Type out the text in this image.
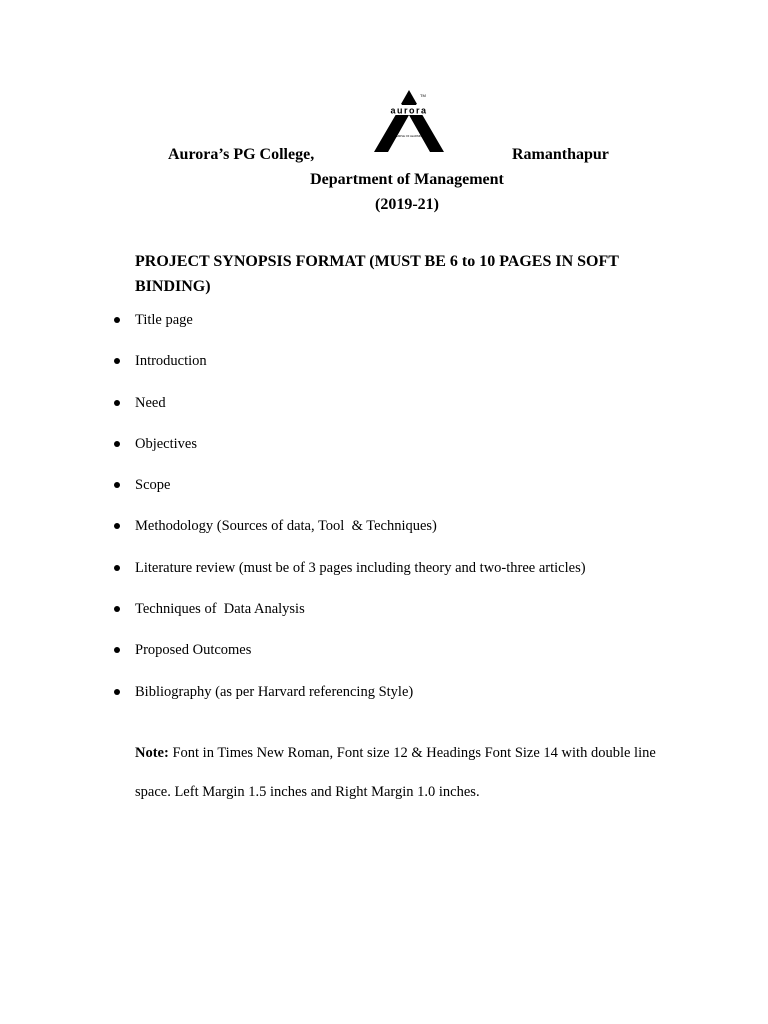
aurora
TM
TEMPLE OF LEARNING
Aurora’s PG College,	Ramanthapur
Department of Management
(2019-21)
PROJECT SYNOPSIS FORMAT (MUST BE 6 to 10 PAGES IN SOFT BINDING)
Title page
Introduction
Need
Objectives
Scope
Methodology (Sources of data, Tool  & Techniques)
Literature review (must be of 3 pages including theory and two-three articles)
Techniques of  Data Analysis
Proposed Outcomes
Bibliography (as per Harvard referencing Style)
Note: Font in Times New Roman, Font size 12 & Headings Font Size 14 with double line space. Left Margin 1.5 inches and Right Margin 1.0 inches.
